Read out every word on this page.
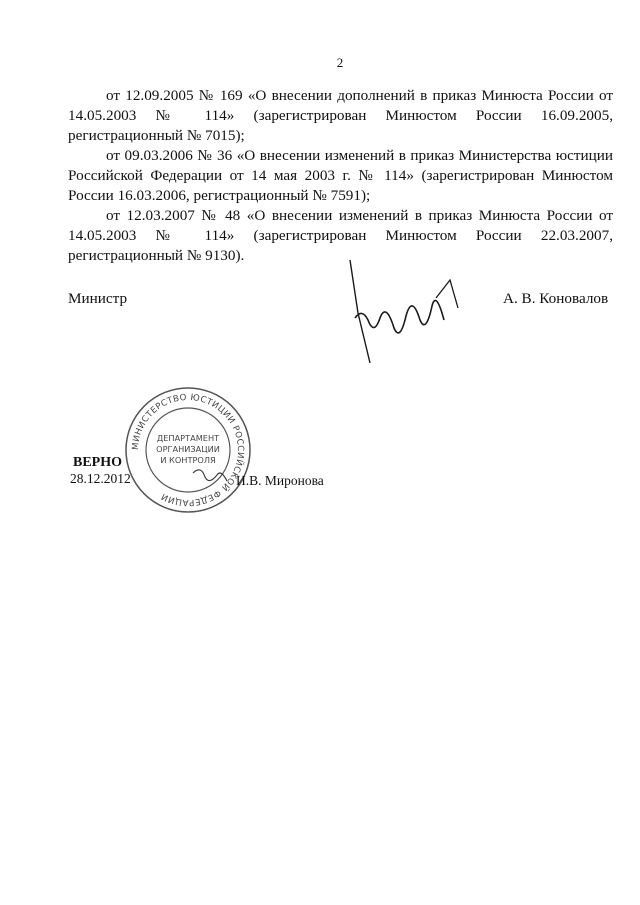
2

от 12.09.2005 № 169 «О внесении дополнений в приказ Минюста России от 14.05.2003 № 114» (зарегистрирован Минюстом России 16.09.2005, регистрационный № 7015);

от 09.03.2006 № 36 «О внесении изменений в приказ Министерства юстиции Российской Федерации от 14 мая 2003 г. № 114» (зарегистрирован Минюстом России 16.03.2006, регистрационный № 7591);

от 12.03.2007 № 48 «О внесении изменений в приказ Минюста России от 14.05.2003 № 114» (зарегистрирован Минюстом России 22.03.2007, регистрационный № 9130).

Министр	А. В. Коновалов
МИНИСТЕРСТВО ЮСТИЦИИ РОССИЙСКОЙ ФЕДЕРАЦИИ
ДЕПАРТАМЕНТ
ОРГАНИЗАЦИИ
И КОНТРОЛЯ
ВЕРНО
28.12.2012	И.В. Миронова
